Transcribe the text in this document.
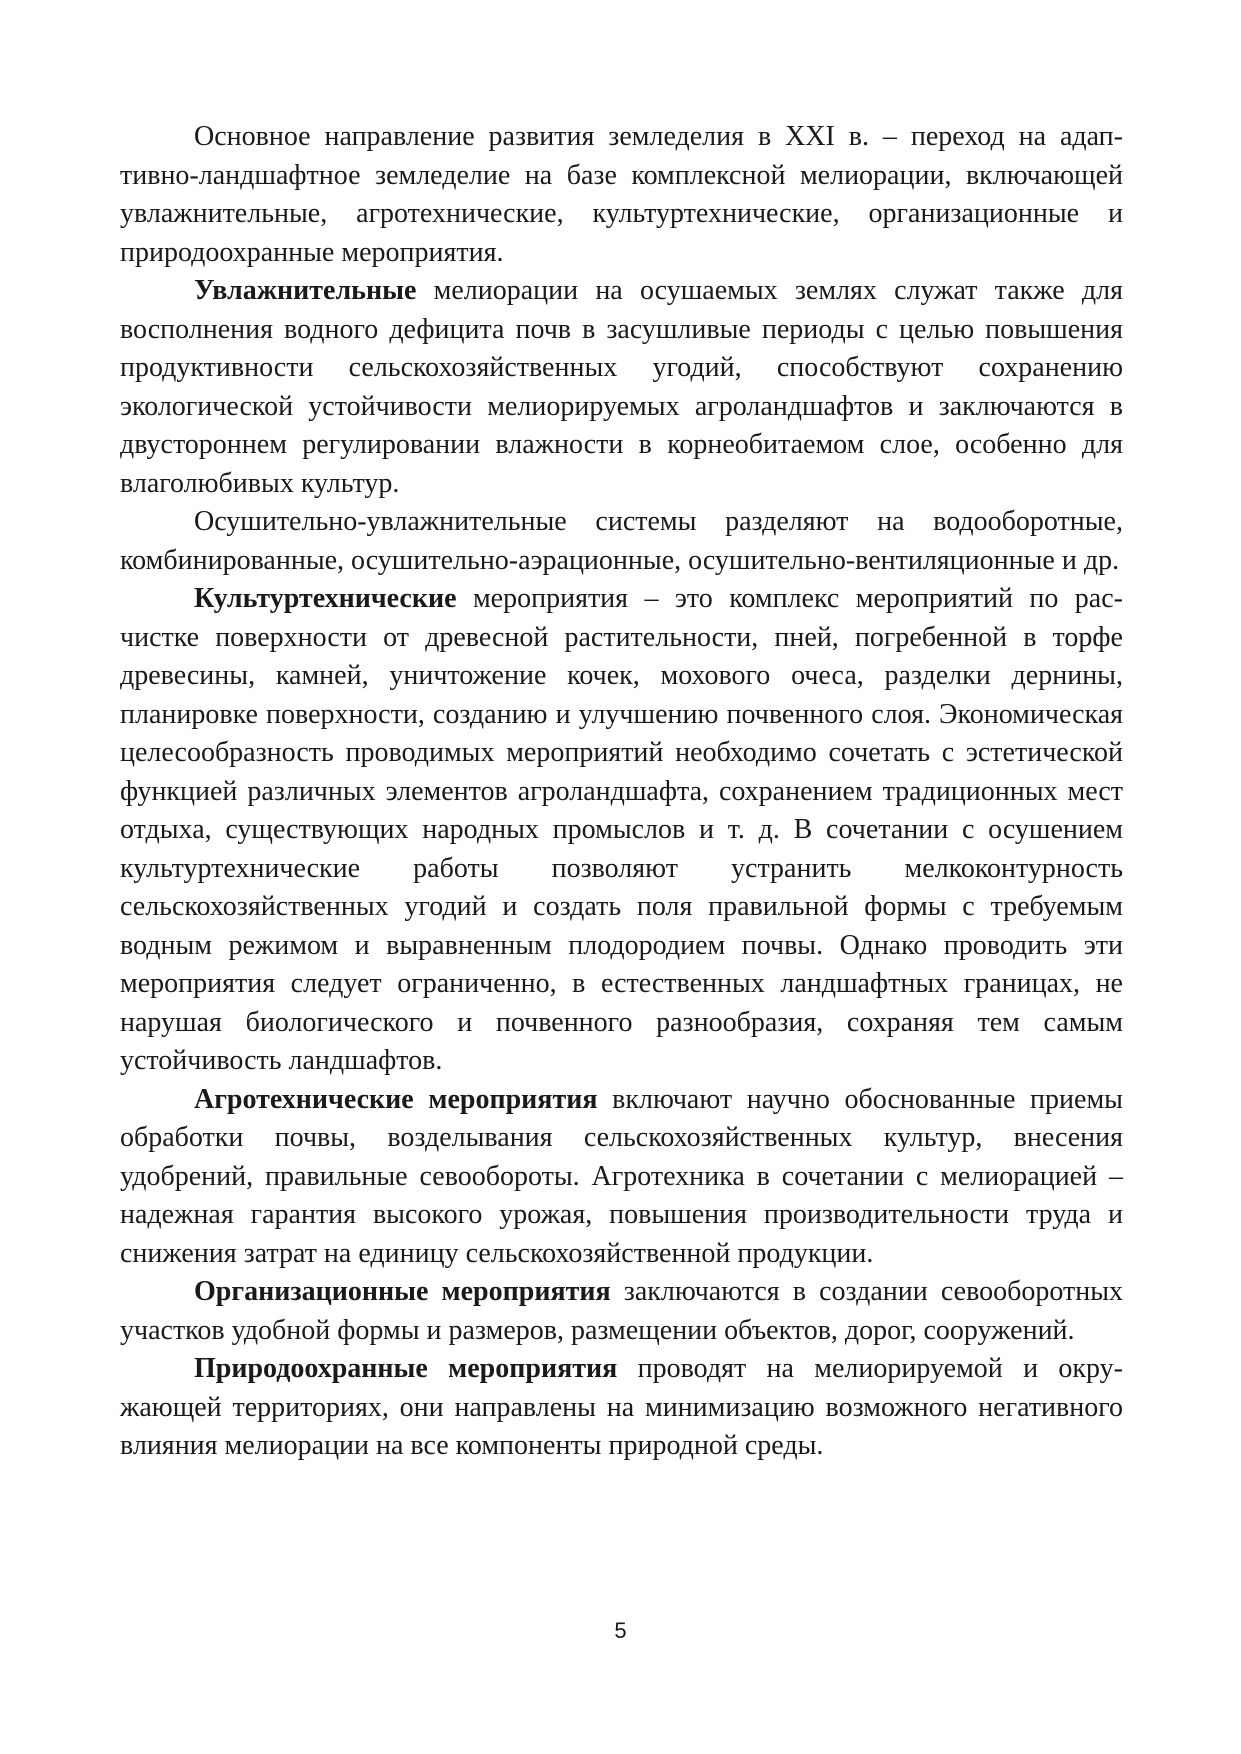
Основное направление развития земледелия в XXI в. – переход на адаптивно-ландшафтное земледелие на базе комплексной мелиорации, включающей увлажнительные, агротехнические, культуртехнические, организационные и природоохранные мероприятия.

Увлажнительные мелиорации на осушаемых землях служат также для восполнения водного дефицита почв в засушливые периоды с целью повышения продуктивности сельскохозяйственных угодий, способствуют сохранению экологической устойчивости мелиорируемых агроландшафтов и заключаются в двустороннем регулировании влажности в корнеобитаемом слое, особенно для влаголюбивых культур.

Осушительно-увлажнительные системы разделяют на водооборотные, комбинированные, осушительно-аэрационные, осушительно-вентиляционные и др.

Культуртехнические мероприятия – это комплекс мероприятий по расчистке поверхности от древесной растительности, пней, погребенной в торфе древесины, камней, уничтожение кочек, мохового очеса, разделки дернины, планировке поверхности, созданию и улучшению почвенного слоя. Экономическая целесообразность проводимых мероприятий необходимо сочетать с эстетической функцией различных элементов агроландшафта, сохранением традиционных мест отдыха, существующих народных промыслов и т. д. В сочетании с осушением культуртехнические работы позволяют устранить мелкоконтурность сельскохозяйственных угодий и создать поля правильной формы с требуемым водным режимом и выравненным плодородием почвы. Однако проводить эти мероприятия следует ограниченно, в естественных ландшафтных границах, не нарушая биологического и почвенного разнообразия, сохраняя тем самым устойчивость ландшафтов.

Агротехнические мероприятия включают научно обоснованные приемы обработки почвы, возделывания сельскохозяйственных культур, внесения удобрений, правильные севообороты. Агротехника в сочетании с мелиорацией – надежная гарантия высокого урожая, повышения производительности труда и снижения затрат на единицу сельскохозяйственной продукции.

Организационные мероприятия заключаются в создании севооборотных участков удобной формы и размеров, размещении объектов, дорог, сооружений.

Природоохранные мероприятия проводят на мелиорируемой и окружающей территориях, они направлены на минимизацию возможного негативного влияния мелиорации на все компоненты природной среды.

5
